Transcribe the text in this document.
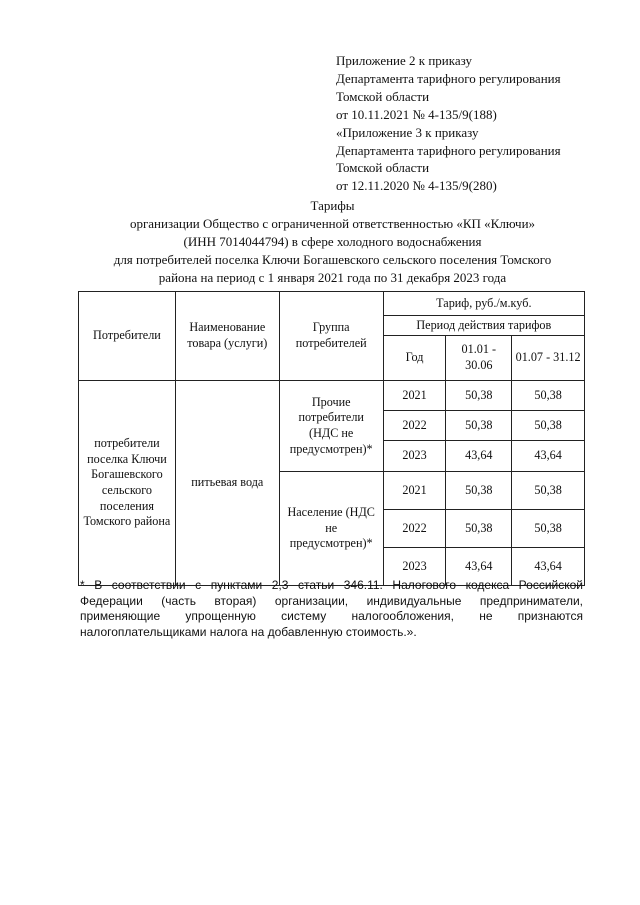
Приложение 2 к приказу
Департамента тарифного регулирования
Томской области
от 10.11.2021 № 4-135/9(188)
«Приложение 3 к приказу
Департамента тарифного регулирования
Томской области
от 12.11.2020 № 4-135/9(280)
Тарифы
организации Общество с ограниченной ответственностью «КП «Ключи»
(ИНН 7014044794) в сфере холодного водоснабжения
для потребителей поселка Ключи Богашевского сельского поселения Томского
района на период с 1 января 2021 года по 31 декабря 2023 года
Потребители	Наименование товара (услуги)	Группа потребителей	Тариф, руб./м.куб.		
			Период действия тарифов		
			Год	01.01 - 30.06	01.07 - 31.12
потребители поселка Ключи Богашевского сельского поселения Томского района	питьевая вода	Прочие потребители (НДС не предусмотрен)*	2021	50,38	50,38
			2022	50,38	50,38
			2023	43,64	43,64
		Население (НДС не предусмотрен)*	2021	50,38	50,38
			2022	50,38	50,38
			2023	43,64	43,64
* В соответствии с пунктами 2,3 статьи 346.11. Налогового кодекса Российской
Федерации (часть вторая) организации, индивидуальные предприниматели,
применяющие упрощенную систему налогообложения, не признаются
налогоплательщиками налога на добавленную стоимость.».
